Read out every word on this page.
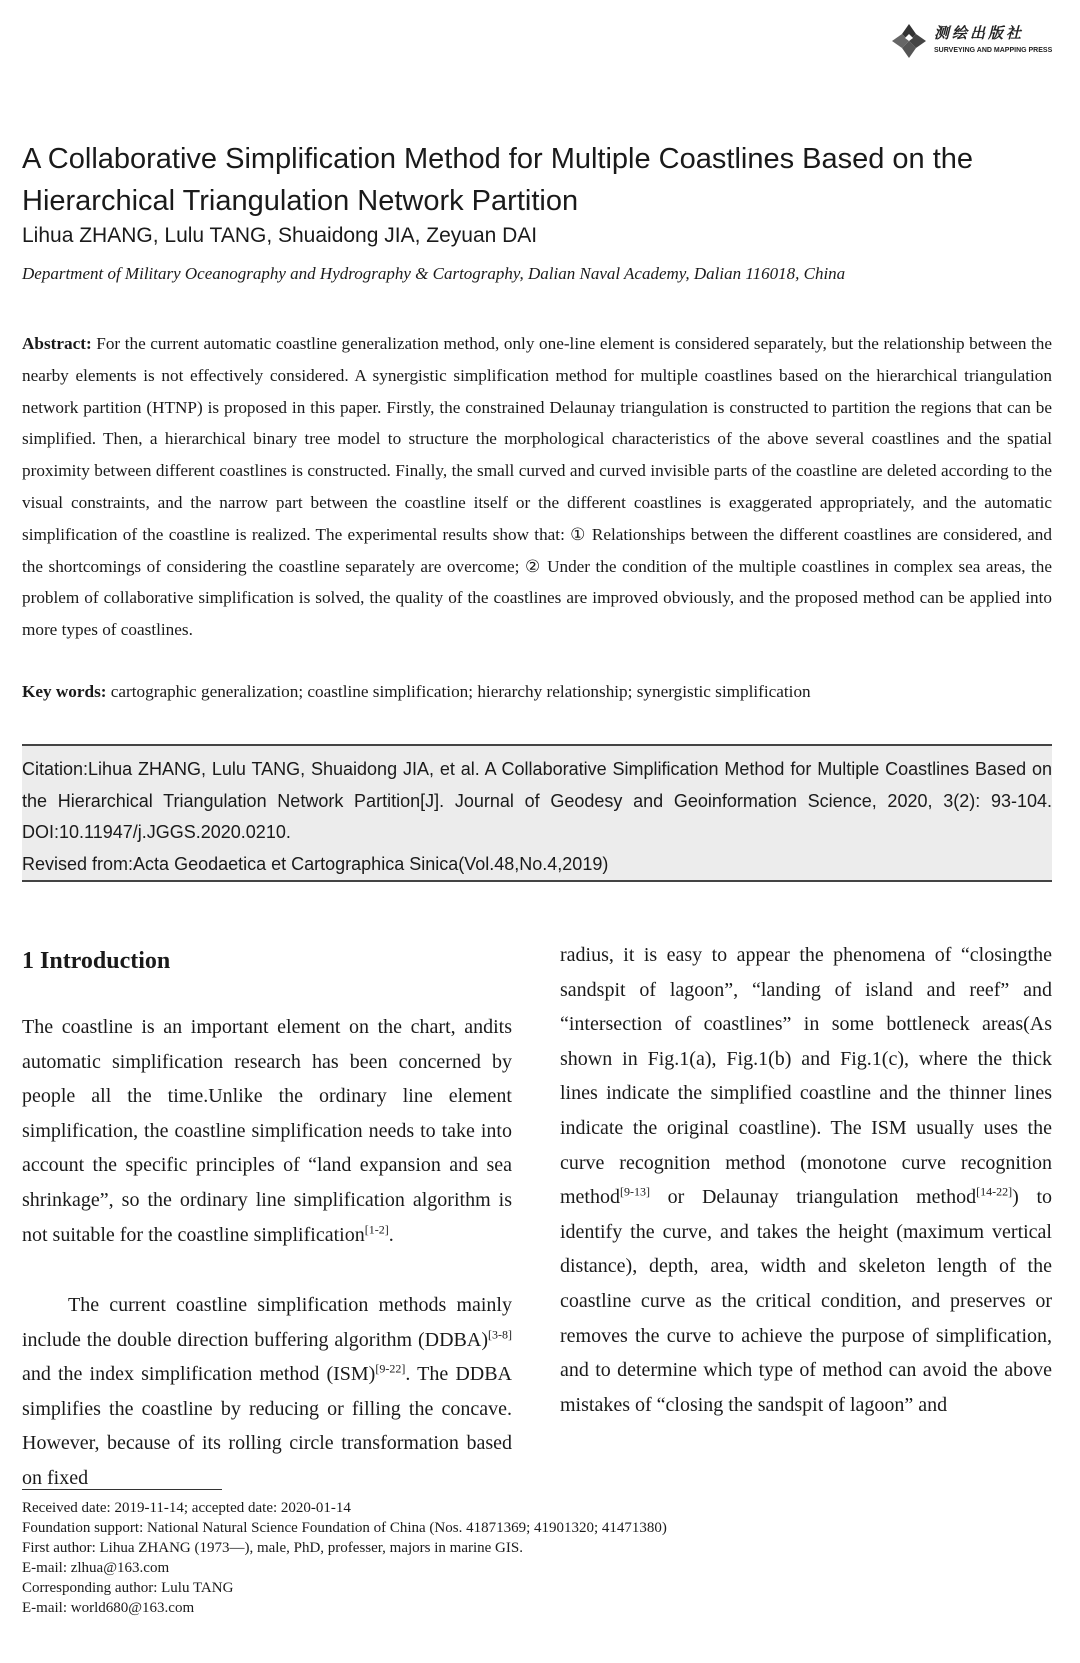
测绘出版社
SURVEYING AND MAPPING PRESS
A Collaborative Simplification Method for Multiple Coastlines Based on the Hierarchical Triangulation Network Partition

Lihua ZHANG, Lulu TANG, Shuaidong JIA, Zeyuan DAI

Department of Military Oceanography and Hydrography & Cartography, Dalian Naval Academy, Dalian 116018, China

Abstract: For the current automatic coastline generalization method, only one-line element is considered separately, but the relationship between the nearby elements is not effectively considered. A synergistic simplification method for multiple coastlines based on the hierarchical triangulation network partition (HTNP) is proposed in this paper. Firstly, the constrained Delaunay triangulation is constructed to partition the regions that can be simplified. Then, a hierarchical binary tree model to structure the morphological characteristics of the above several coastlines and the spatial proximity between different coastlines is constructed. Finally, the small curved and curved invisible parts of the coastline are deleted according to the visual constraints, and the narrow part between the coastline itself or the different coastlines is exaggerated appropriately, and the automatic simplification of the coastline is realized. The experimental results show that: ① Relationships between the different coastlines are considered, and the shortcomings of considering the coastline separately are overcome; ② Under the condition of the multiple coastlines in complex sea areas, the problem of collaborative simplification is solved, the quality of the coastlines are improved obviously, and the proposed method can be applied into more types of coastlines.

Key words: cartographic generalization; coastline simplification; hierarchy relationship; synergistic simplification

Citation:Lihua ZHANG, Lulu TANG, Shuaidong JIA, et al. A Collaborative Simplification Method for Multiple Coastlines Based on the Hierarchical Triangulation Network Partition[J]. Journal of Geodesy and Geoinformation Science, 2020, 3(2): 93-104. DOI:10.11947/j.JGGS.2020.0210.
Revised from:Acta Geodaetica et Cartographica Sinica(Vol.48,No.4,2019)

1 Introduction

The coastline is an important element on the chart, andits automatic simplification research has been concerned by people all the time.Unlike the ordinary line element simplification, the coastline simplification needs to take into account the specific principles of “land expansion and sea shrinkage”, so the ordinary line simplification algorithm is not suitable for the coastline simplification[1-2].

The current coastline simplification methods mainly include the double direction buffering algorithm (DDBA)[3-8] and the index simplification method (ISM)[9-22]. The DDBA simplifies the coastline by reducing or filling the concave. However, because of its rolling circle transformation based on fixed

radius, it is easy to appear the phenomena of “closingthe sandspit of lagoon”, “landing of island and reef” and “intersection of coastlines” in some bottleneck areas(As shown in Fig.1(a), Fig.1(b) and Fig.1(c), where the thick lines indicate the simplified coastline and the thinner lines indicate the original coastline). The ISM usually uses the curve recognition method (monotone curve recognition method[9-13] or Delaunay triangulation method[14-22]) to identify the curve, and takes the height (maximum vertical distance), depth, area, width and skeleton length of the coastline curve as the critical condition, and preserves or removes the curve to achieve the purpose of simplification, and to determine which type of method can avoid the above mistakes of “closing the sandspit of lagoon” and

Received date: 2019-11-14; accepted date: 2020-01-14
Foundation support: National Natural Science Foundation of China (Nos. 41871369; 41901320; 41471380)
First author: Lihua ZHANG (1973—), male, PhD, professer, majors in marine GIS.
E-mail: zlhua@163.com
Corresponding author: Lulu TANG
E-mail: world680@163.com
